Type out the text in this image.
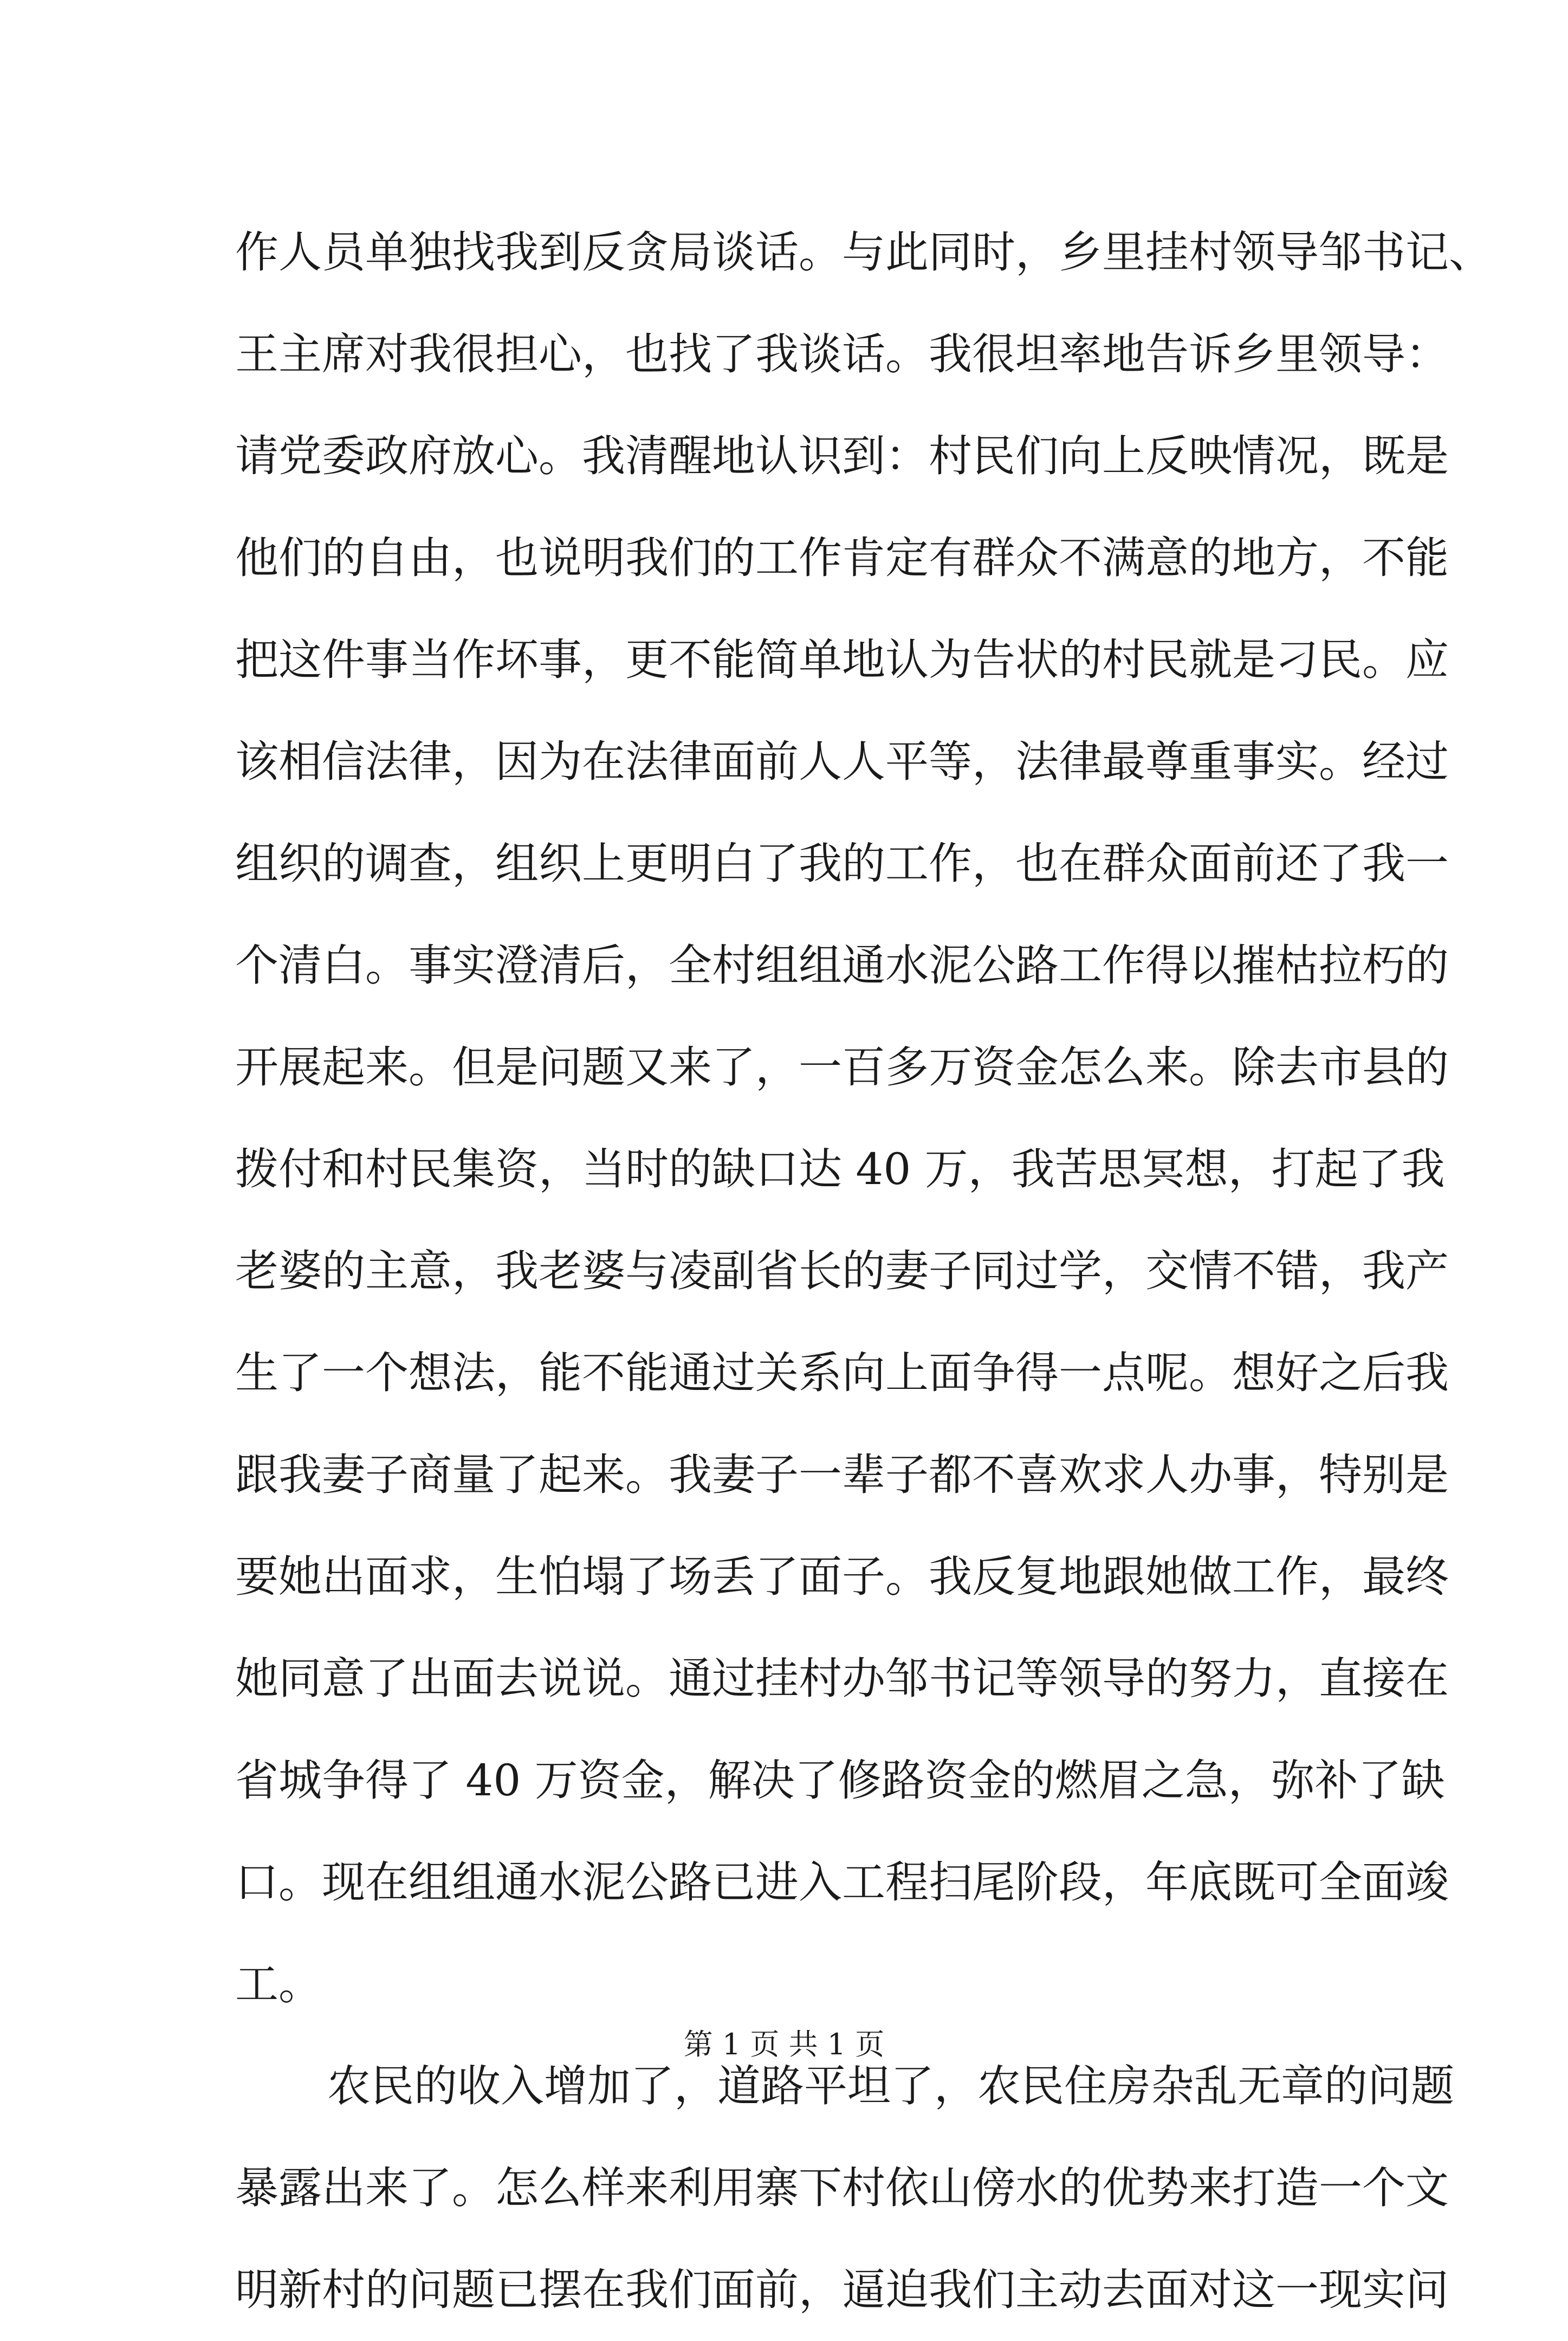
作人员单独找我到反贪局谈话。与此同时，乡里挂村领导邹书记、
王主席对我很担心，也找了我谈话。我很坦率地告诉乡里领导：
请党委政府放心。我清醒地认识到：村民们向上反映情况，既是
他们的自由，也说明我们的工作肯定有群众不满意的地方，不能
把这件事当作坏事，更不能简单地认为告状的村民就是刁民。应
该相信法律，因为在法律面前人人平等，法律最尊重事实。经过
组织的调查，组织上更明白了我的工作，也在群众面前还了我一
个清白。事实澄清后，全村组组通水泥公路工作得以摧枯拉朽的
开展起来。但是问题又来了，一百多万资金怎么来。除去市县的
拨付和村民集资，当时的缺口达 40 万，我苦思冥想，打起了我
老婆的主意，我老婆与凌副省长的妻子同过学，交情不错，我产
生了一个想法，能不能通过关系向上面争得一点呢。想好之后我
跟我妻子商量了起来。我妻子一辈子都不喜欢求人办事，特别是
要她出面求，生怕塌了场丢了面子。我反复地跟她做工作，最终
她同意了出面去说说。通过挂村办邹书记等领导的努力，直接在
省城争得了 40 万资金，解决了修路资金的燃眉之急，弥补了缺
口。现在组组通水泥公路已进入工程扫尾阶段，年底既可全面竣
工。
农民的收入增加了，道路平坦了，农民住房杂乱无章的问题
暴露出来了。怎么样来利用寨下村依山傍水的优势来打造一个文
明新村的问题已摆在我们面前，逼迫我们主动去面对这一现实问
第 1 页 共 1 页
